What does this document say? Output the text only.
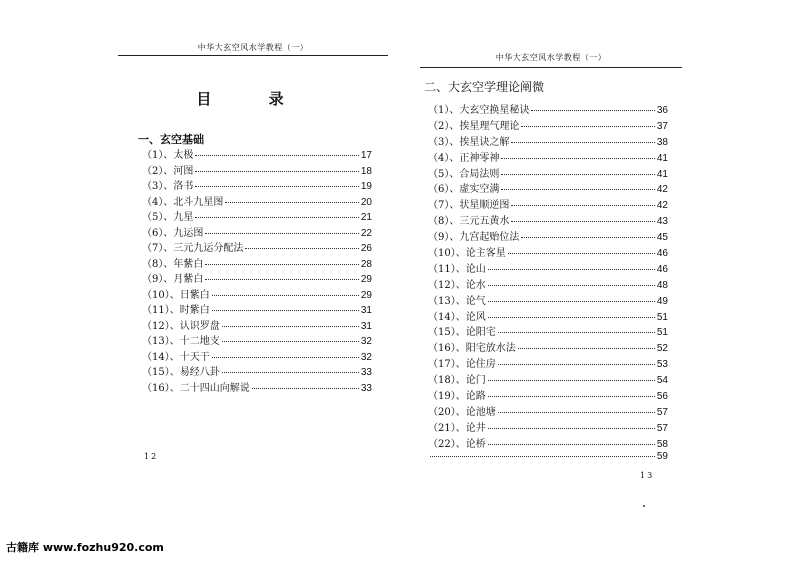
中华大玄空风水学教程（一）
目 录
一、玄空基础
（1）、 太极	17
（2）、 河图	18
（3）、 洛书	19
（4）、 北斗九星图	20
（5）、 九星	21
（6）、 九运图	22
（7）、 三元九运分配法	26
（8）、 年紫白	28
（9）、 月紫白	29
（10）、 日紫白	29
（11）、 时紫白	31
（12）、 认识罗盘	31
（13）、 十二地支	32
（14）、 十天干	32
（15）、 易经八卦	33
（16）、 二十四山向解说	33
12
中华大玄空风水学教程（一）
二、大玄空学理论阐微
（1）、 大玄空换星秘诀	36
（2）、 挨星理气理论	37
（3）、 挨星诀之解	38
（4）、 正神零神	41
（5）、 合局法则	41
（6）、 虚实空满	42
（7）、 状星顺逆图	42
（8）、 三元五黄水	43
（9）、 九宫起贻位法	45
（10）、 论主客星	46
（11）、 论山	46
（12）、 论水	48
（13）、 论气	49
（14）、 论风	51
（15）、 论阳宅	51
（16）、 阳宅放水法	52
（17）、 论住房	53
（18）、 论门	54
（19）、 论路	56
（20）、 论池塘	57
（21）、 论井	57
（22）、 论桥	58
59
13
古籍库 www.fozhu920.com
